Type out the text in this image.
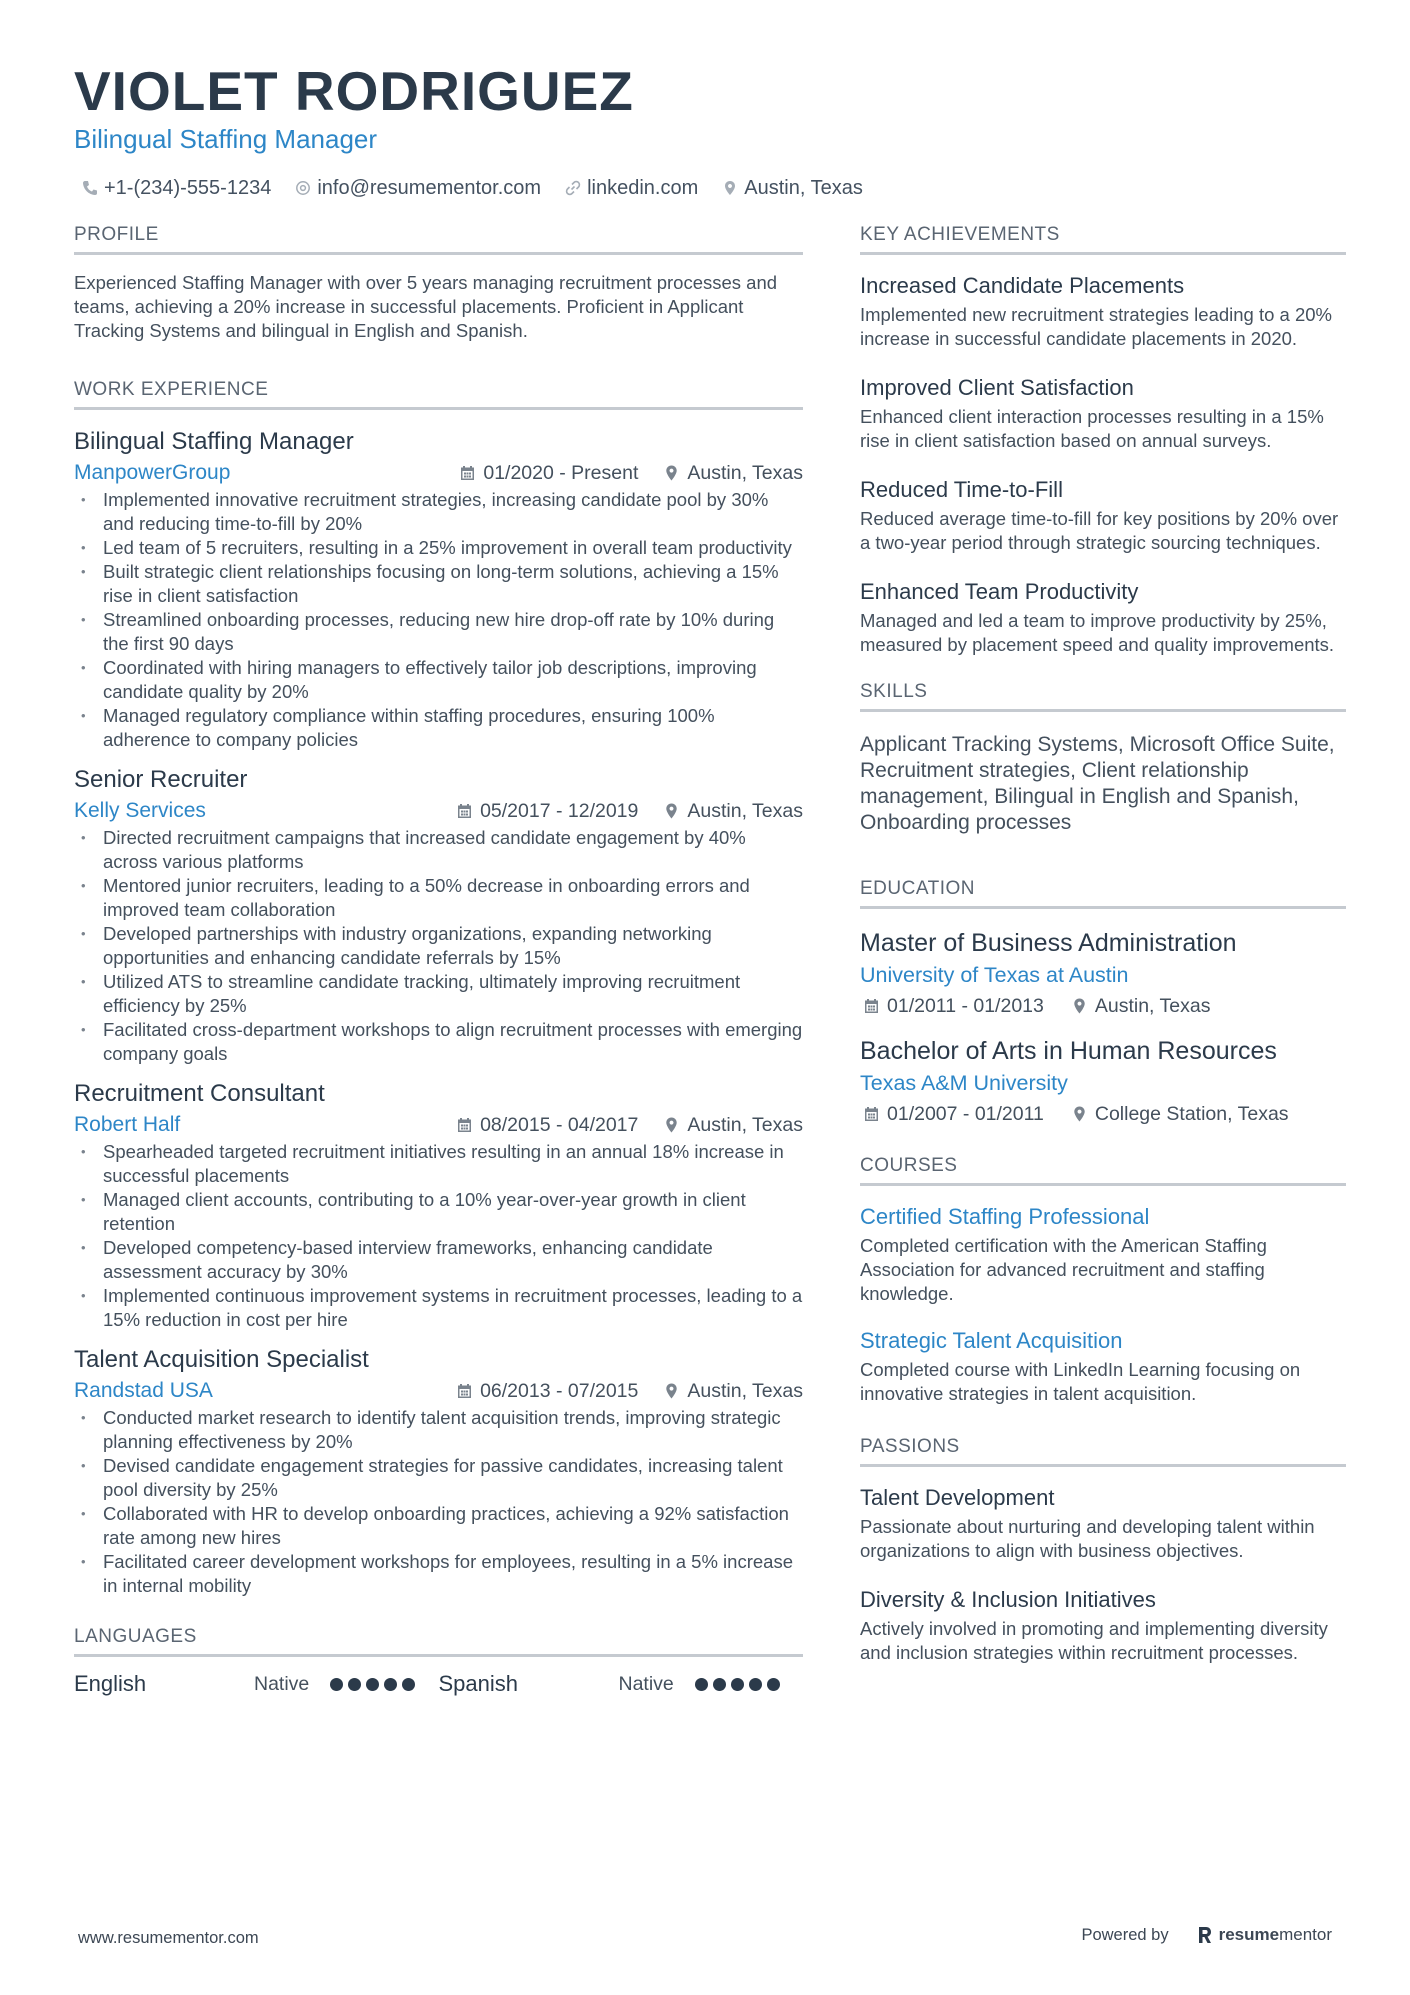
VIOLET RODRIGUEZ
Bilingual Staffing Manager
+1-(234)-555-1234 info@resumementor.com linkedin.com Austin, Texas
PROFILE
Experienced Staffing Manager with over 5 years managing recruitment processes and teams, achieving a 20% increase in successful placements. Proficient in Applicant Tracking Systems and bilingual in English and Spanish.
WORK EXPERIENCE
Bilingual Staffing Manager
ManpowerGroup	01/2020 - Present	Austin, Texas
• Implemented innovative recruitment strategies, increasing candidate pool by 30% and reducing time-to-fill by 20%
• Led team of 5 recruiters, resulting in a 25% improvement in overall team productivity
• Built strategic client relationships focusing on long-term solutions, achieving a 15% rise in client satisfaction
• Streamlined onboarding processes, reducing new hire drop-off rate by 10% during the first 90 days
• Coordinated with hiring managers to effectively tailor job descriptions, improving candidate quality by 20%
• Managed regulatory compliance within staffing procedures, ensuring 100% adherence to company policies
Senior Recruiter
Kelly Services	05/2017 - 12/2019	Austin, Texas
• Directed recruitment campaigns that increased candidate engagement by 40% across various platforms
• Mentored junior recruiters, leading to a 50% decrease in onboarding errors and improved team collaboration
• Developed partnerships with industry organizations, expanding networking opportunities and enhancing candidate referrals by 15%
• Utilized ATS to streamline candidate tracking, ultimately improving recruitment efficiency by 25%
• Facilitated cross-department workshops to align recruitment processes with emerging company goals
Recruitment Consultant
Robert Half	08/2015 - 04/2017	Austin, Texas
• Spearheaded targeted recruitment initiatives resulting in an annual 18% increase in successful placements
• Managed client accounts, contributing to a 10% year-over-year growth in client retention
• Developed competency-based interview frameworks, enhancing candidate assessment accuracy by 30%
• Implemented continuous improvement systems in recruitment processes, leading to a 15% reduction in cost per hire
Talent Acquisition Specialist
Randstad USA	06/2013 - 07/2015	Austin, Texas
• Conducted market research to identify talent acquisition trends, improving strategic planning effectiveness by 20%
• Devised candidate engagement strategies for passive candidates, increasing talent pool diversity by 25%
• Collaborated with HR to develop onboarding practices, achieving a 92% satisfaction rate among new hires
• Facilitated career development workshops for employees, resulting in a 5% increase in internal mobility
LANGUAGES
English	Native	Spanish	Native
KEY ACHIEVEMENTS
Increased Candidate Placements
Implemented new recruitment strategies leading to a 20% increase in successful candidate placements in 2020.
Improved Client Satisfaction
Enhanced client interaction processes resulting in a 15% rise in client satisfaction based on annual surveys.
Reduced Time-to-Fill
Reduced average time-to-fill for key positions by 20% over a two-year period through strategic sourcing techniques.
Enhanced Team Productivity
Managed and led a team to improve productivity by 25%, measured by placement speed and quality improvements.
SKILLS
Applicant Tracking Systems, Microsoft Office Suite, Recruitment strategies, Client relationship management, Bilingual in English and Spanish, Onboarding processes
EDUCATION
Master of Business Administration
University of Texas at Austin
01/2011 - 01/2013	Austin, Texas
Bachelor of Arts in Human Resources
Texas A&M University
01/2007 - 01/2011	College Station, Texas
COURSES
Certified Staffing Professional
Completed certification with the American Staffing Association for advanced recruitment and staffing knowledge.
Strategic Talent Acquisition
Completed course with LinkedIn Learning focusing on innovative strategies in talent acquisition.
PASSIONS
Talent Development
Passionate about nurturing and developing talent within organizations to align with business objectives.
Diversity & Inclusion Initiatives
Actively involved in promoting and implementing diversity and inclusion strategies within recruitment processes.
www.resumementor.com	Powered by	resumementor
